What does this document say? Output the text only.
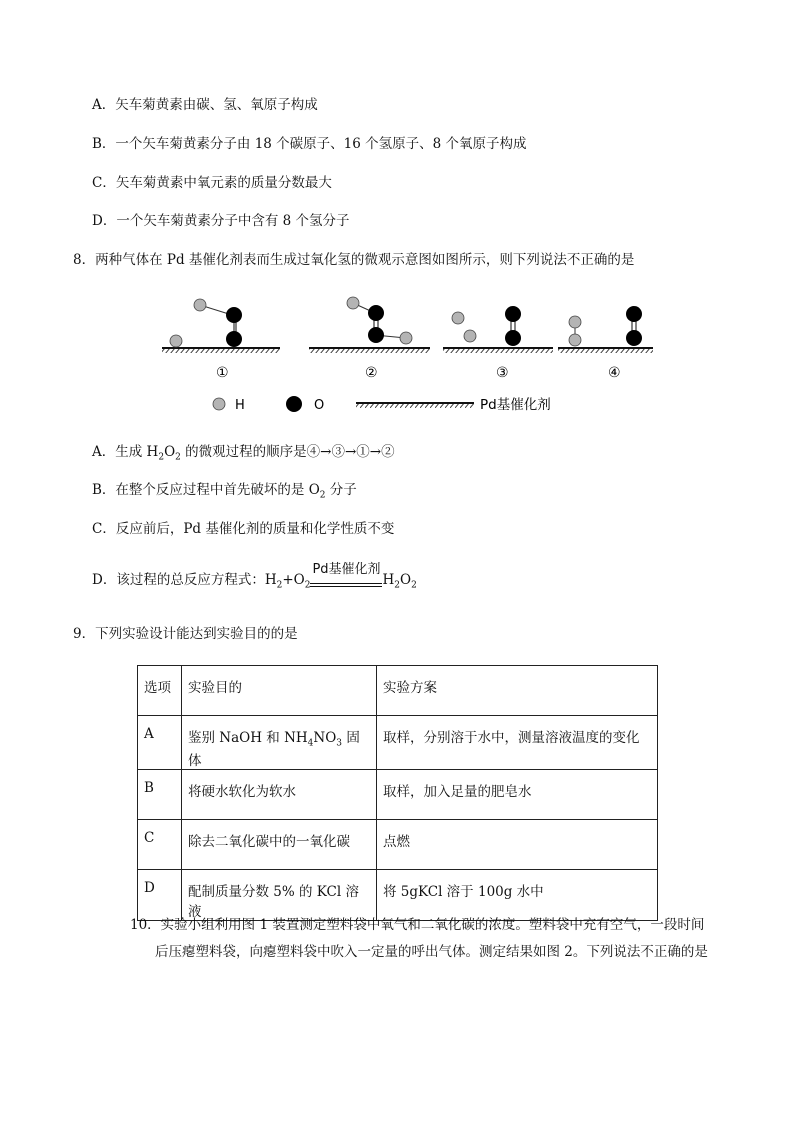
A．矢车菊黄素由碳、氢、氧原子构成
B．一个矢车菊黄素分子由 18 个碳原子、16 个氢原子、8 个氧原子构成
C．矢车菊黄素中氧元素的质量分数最大
D．一个矢车菊黄素分子中含有 8 个氢分子
8．两种气体在 Pd 基催化剂表而生成过氧化氢的微观示意图如图所示，则下列说法不正确的是
①	②	③	④
H	O	Pd基催化剂
A．生成 $H_2O_2$ 的微观过程的顺序是④→③→①→②
B．在整个反应过程中首先破坏的是 $O_2$ 分子
C．反应前后，Pd 基催化剂的质量和化学性质不变
D．该过程的总反应方程式：$H_2+O_2$
Pd基催化剂
$H_2O_2$
9．下列实验设计能达到实验目的的是
选项	实验目的	实验方案
A	鉴别 NaOH 和 $NH_4NO_3$ 固体	取样，分别溶于水中，测量溶液温度的变化
B	将硬水软化为软水	取样，加入足量的肥皂水
C	除去二氧化碳中的一氧化碳	点燃
D	配制质量分数 5% 的 KCl 溶液	将 5gKCl 溶于 100g 水中
10．实验小组利用图 1 装置测定塑料袋中氧气和二氧化碳的浓度。塑料袋中充有空气，一段时间
后压瘪塑料袋，向瘪塑料袋中吹入一定量的呼出气体。测定结果如图 2。下列说法不正确的是
